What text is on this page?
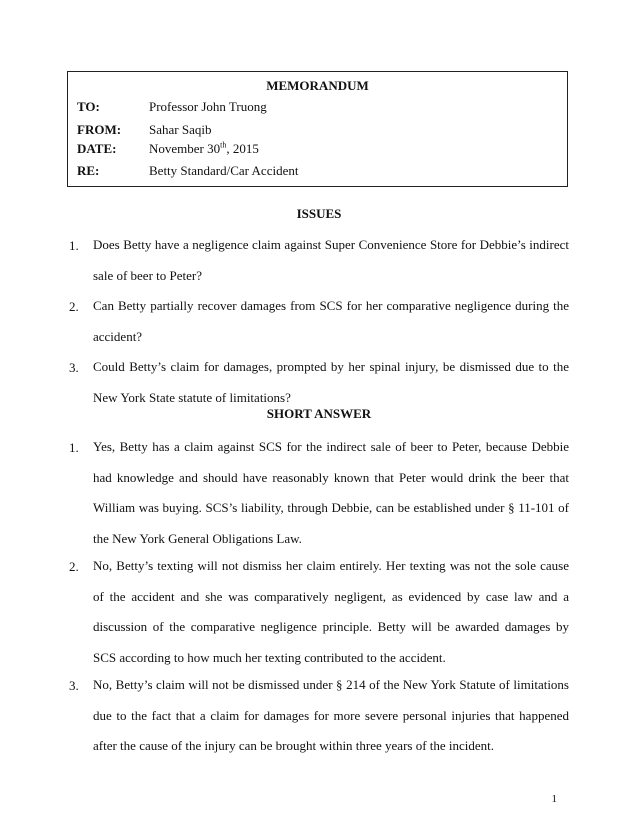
MEMORANDUM
TO:	Professor John Truong
FROM: Sahar Saqib
DATE:	November 30th, 2015
RE:	Betty Standard/Car Accident
ISSUES
1. Does Betty have a negligence claim against Super Convenience Store for Debbie’s indirect sale of beer to Peter?

2. Can Betty partially recover damages from SCS for her comparative negligence during the accident?

3. Could Betty’s claim for damages, prompted by her spinal injury, be dismissed due to the New York State statute of limitations?

SHORT ANSWER
1. Yes, Betty has a claim against SCS for the indirect sale of beer to Peter, because Debbie had knowledge and should have reasonably known that Peter would drink the beer that William was buying. SCS’s liability, through Debbie, can be established under § 11-101 of the New York General Obligations Law.

2. No, Betty’s texting will not dismiss her claim entirely. Her texting was not the sole cause of the accident and she was comparatively negligent, as evidenced by case law and a discussion of the comparative negligence principle. Betty will be awarded damages by SCS according to how much her texting contributed to the accident.

3. No, Betty’s claim will not be dismissed under § 214 of the New York Statute of limitations due to the fact that a claim for damages for more severe personal injuries that happened after the cause of the injury can be brought within three years of the incident.

1
